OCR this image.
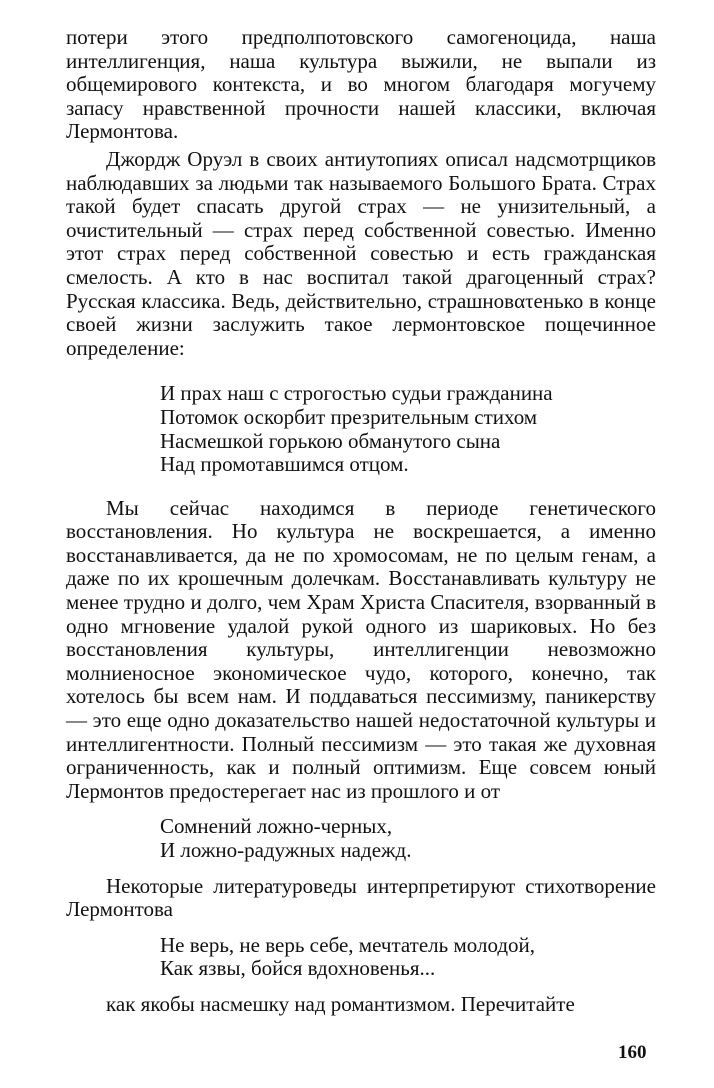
потери этого предполпотовского самогеноцида, наша интеллигенция, наша культура выжили, не выпали из общемирового контекста, и во многом благодаря могучему запасу нравственной прочности нашей классики, включая Лермонтова.

Джордж Оруэл в своих антиутопиях описал надсмотрщиков наблюдавших за людьми так называемого Большого Брата. Страх такой будет спасать другой страх — не унизительный, а очистительный — страх перед собственной совестью. Именно этот страх перед собственной совестью и есть гражданская смелость. А кто в нас воспитал такой драгоценный страх? Русская классика. Ведь, действительно, страшновατенько в конце своей жизни заслужить такое лермонтовское пощечинное определение:

И прах наш с строгостью судьи гражданина
Потомок оскорбит презрительным стихом
Насмешкой горькою обманутого сына
Над промотавшимся отцом.

Мы сейчас находимся в периоде генетического восстановления. Но культура не воскрешается, а именно восстанавливается, да не по хромосомам, не по целым генам, а даже по их крошечным долечкам. Восстанавливать культуру не менее трудно и долго, чем Храм Христа Спасителя, взорванный в одно мгновение удалой рукой одного из шариковых. Но без восстановления культуры, интеллигенции невозможно молниеносное экономическое чудо, которого, конечно, так хотелось бы всем нам. И поддаваться пессимизму, паникерству — это еще одно доказательство нашей недостаточной культуры и интеллигентности. Полный пессимизм — это такая же духовная ограниченность, как и полный оптимизм. Еще совсем юный Лермонтов предостерегает нас из прошлого и от

Сомнений ложно-черных,
И ложно-радужных надежд.

Некоторые литературоведы интерпретируют стихотворение Лермонтова

Не верь, не верь себе, мечтатель молодой,
Как язвы, бойся вдохновенья...

как якобы насмешку над романтизмом. Перечитайте

160
